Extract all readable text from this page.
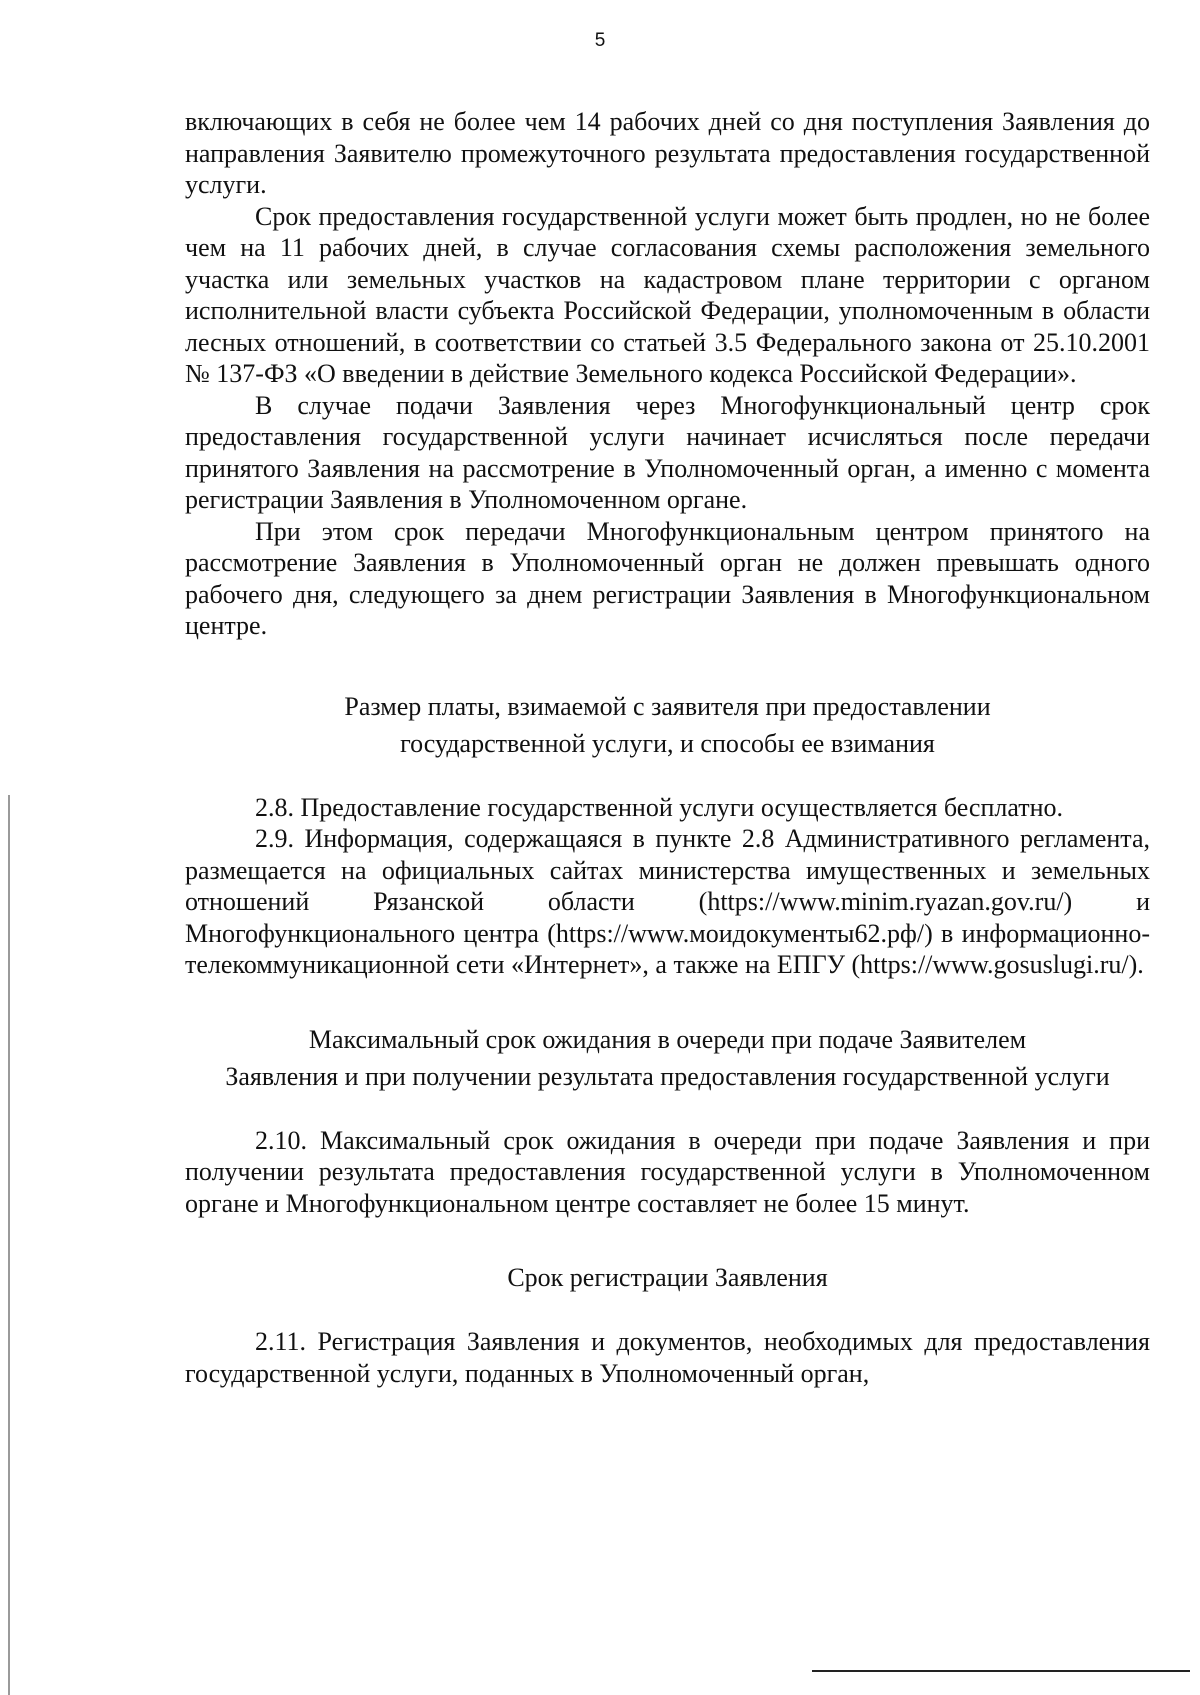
5

включающих в себя не более чем 14 рабочих дней со дня поступления Заявления до направления Заявителю промежуточного результата предоставления государственной услуги.

Срок предоставления государственной услуги может быть продлен, но не более чем на 11 рабочих дней, в случае согласования схемы расположения земельного участка или земельных участков на кадастровом плане территории с органом исполнительной власти субъекта Российской Федерации, уполномоченным в области лесных отношений, в соответствии со статьей 3.5 Федерального закона от 25.10.2001 № 137-ФЗ «О введении в действие Земельного кодекса Российской Федерации».

В случае подачи Заявления через Многофункциональный центр срок предоставления государственной услуги начинает исчисляться после передачи принятого Заявления на рассмотрение в Уполномоченный орган, а именно с момента регистрации Заявления в Уполномоченном органе.

При этом срок передачи Многофункциональным центром принятого на рассмотрение Заявления в Уполномоченный орган не должен превышать одного рабочего дня, следующего за днем регистрации Заявления в Многофункциональном центре.

Размер платы, взимаемой с заявителя при предоставлении
государственной услуги, и способы ее взимания

2.8. Предоставление государственной услуги осуществляется бесплатно.

2.9. Информация, содержащаяся в пункте 2.8 Административного регламента, размещается на официальных сайтах министерства имущественных и земельных отношений Рязанской области (https://www.minim.ryazan.gov.ru/) и Многофункционального центра (https://www.моидокументы62.рф/) в информационно-телекоммуникационной сети «Интернет», а также на ЕПГУ (https://www.gosuslugi.ru/).

Максимальный срок ожидания в очереди при подаче Заявителем
Заявления и при получении результата предоставления государственной услуги

2.10. Максимальный срок ожидания в очереди при подаче Заявления и при получении результата предоставления государственной услуги в Уполномоченном органе и Многофункциональном центре составляет не более 15 минут.

Срок регистрации Заявления

2.11. Регистрация Заявления и документов, необходимых для предоставления государственной услуги, поданных в Уполномоченный орган,
